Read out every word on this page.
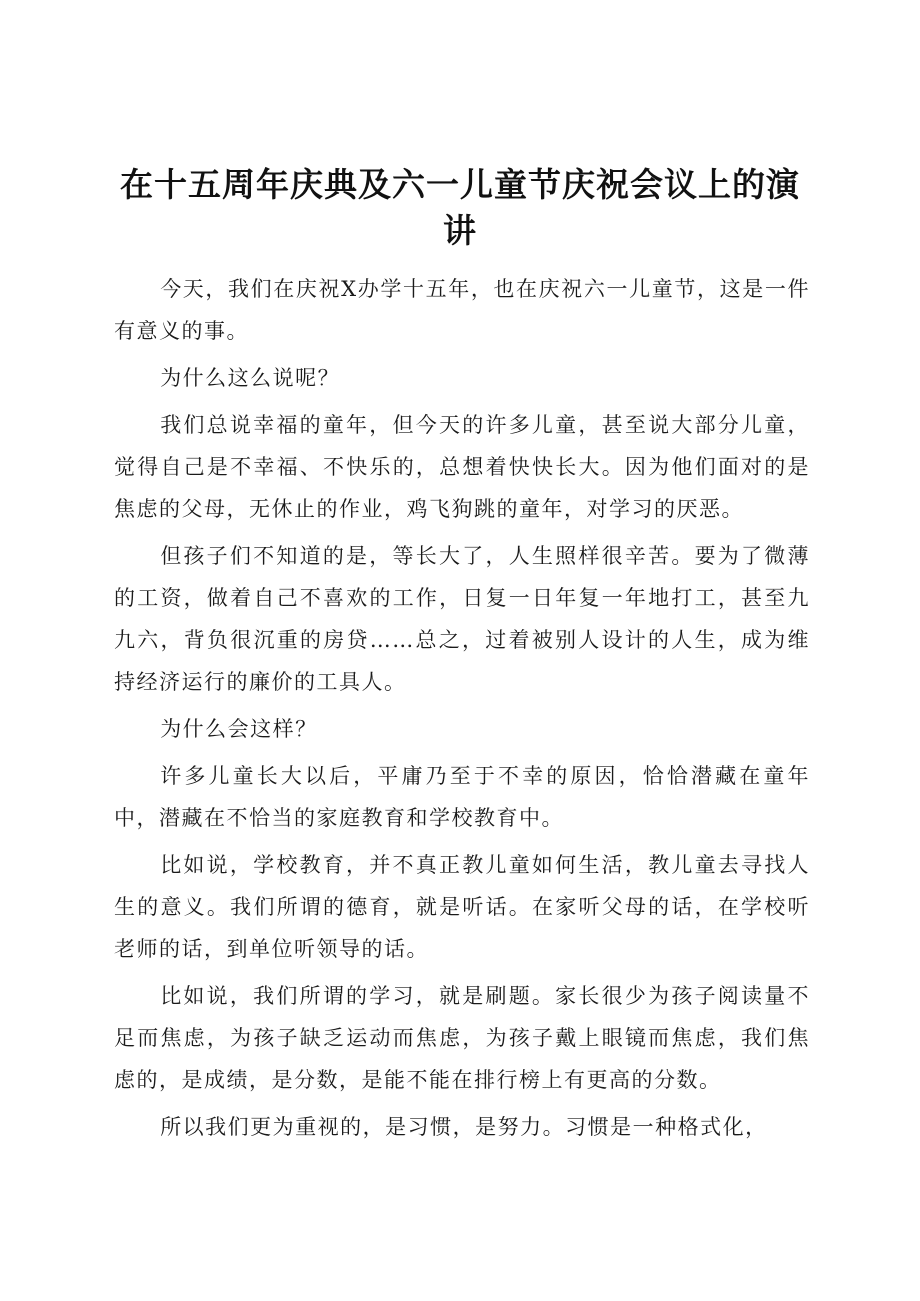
在十五周年庆典及六一儿童节庆祝会议上的演讲

今天，我们在庆祝X办学十五年，也在庆祝六一儿童节，这是一件有意义的事。

为什么这么说呢？

我们总说幸福的童年，但今天的许多儿童，甚至说大部分儿童，觉得自己是不幸福、不快乐的，总想着快快长大。因为他们面对的是焦虑的父母，无休止的作业，鸡飞狗跳的童年，对学习的厌恶。

但孩子们不知道的是，等长大了，人生照样很辛苦。要为了微薄的工资，做着自己不喜欢的工作，日复一日年复一年地打工，甚至九九六，背负很沉重的房贷……总之，过着被别人设计的人生，成为维持经济运行的廉价的工具人。

为什么会这样？

许多儿童长大以后，平庸乃至于不幸的原因，恰恰潜藏在童年中，潜藏在不恰当的家庭教育和学校教育中。

比如说，学校教育，并不真正教儿童如何生活，教儿童去寻找人生的意义。我们所谓的德育，就是听话。在家听父母的话，在学校听老师的话，到单位听领导的话。

比如说，我们所谓的学习，就是刷题。家长很少为孩子阅读量不足而焦虑，为孩子缺乏运动而焦虑，为孩子戴上眼镜而焦虑，我们焦虑的，是成绩，是分数，是能不能在排行榜上有更高的分数。

所以我们更为重视的，是习惯，是努力。习惯是一种格式化，
